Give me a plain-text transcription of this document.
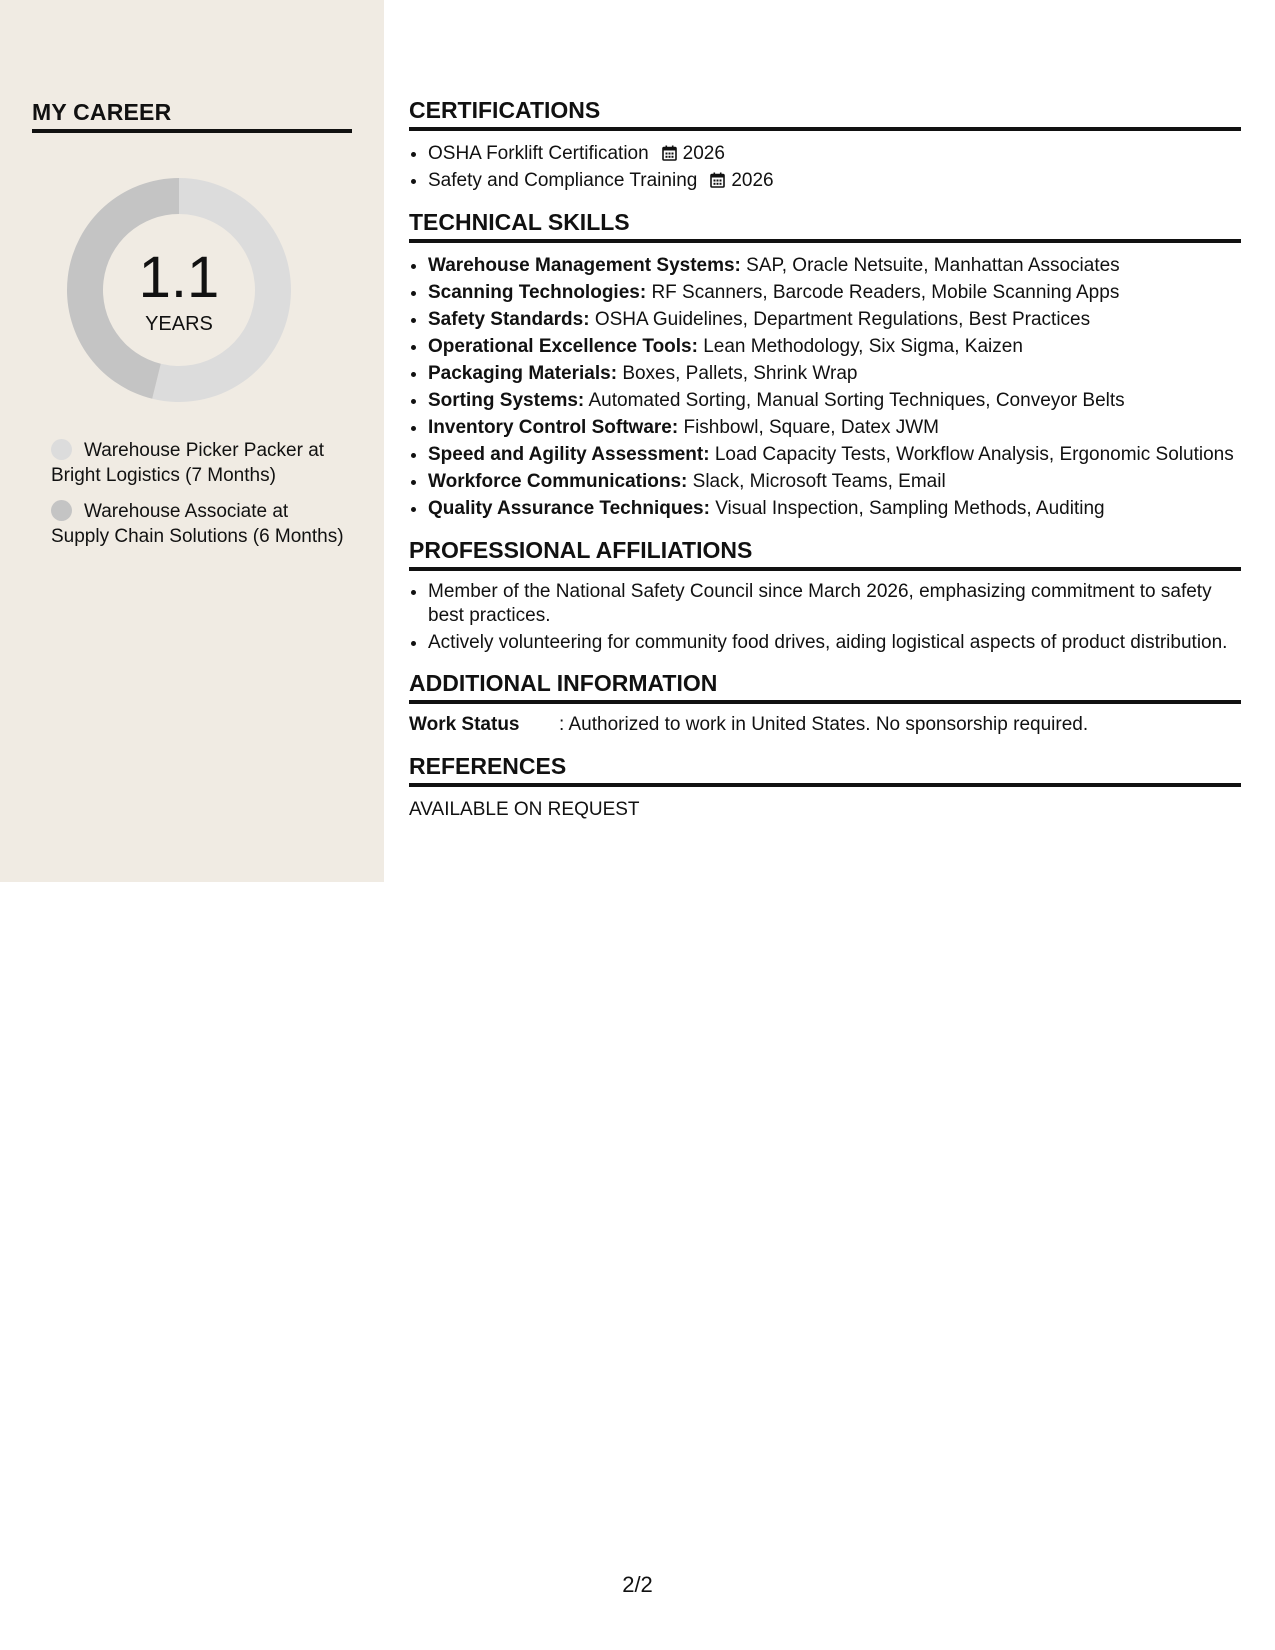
MY CAREER
1.1
YEARS
Warehouse Picker Packer at Bright Logistics (7 Months)
Warehouse Associate at Supply Chain Solutions (6 Months)
CERTIFICATIONS
• OSHA Forklift Certification 2026
• Safety and Compliance Training 2026
TECHNICAL SKILLS
• Warehouse Management Systems: SAP, Oracle Netsuite, Manhattan Associates
• Scanning Technologies: RF Scanners, Barcode Readers, Mobile Scanning Apps
• Safety Standards: OSHA Guidelines, Department Regulations, Best Practices
• Operational Excellence Tools: Lean Methodology, Six Sigma, Kaizen
• Packaging Materials: Boxes, Pallets, Shrink Wrap
• Sorting Systems: Automated Sorting, Manual Sorting Techniques, Conveyor Belts
• Inventory Control Software: Fishbowl, Square, Datex JWM
• Speed and Agility Assessment: Load Capacity Tests, Workflow Analysis, Ergonomic Solutions
• Workforce Communications: Slack, Microsoft Teams, Email
• Quality Assurance Techniques: Visual Inspection, Sampling Methods, Auditing
PROFESSIONAL AFFILIATIONS
• Member of the National Safety Council since March 2026, emphasizing commitment to safety best practices.
• Actively volunteering for community food drives, aiding logistical aspects of product distribution.
ADDITIONAL INFORMATION
Work Status : Authorized to work in United States. No sponsorship required.
REFERENCES
AVAILABLE ON REQUEST
2/2
